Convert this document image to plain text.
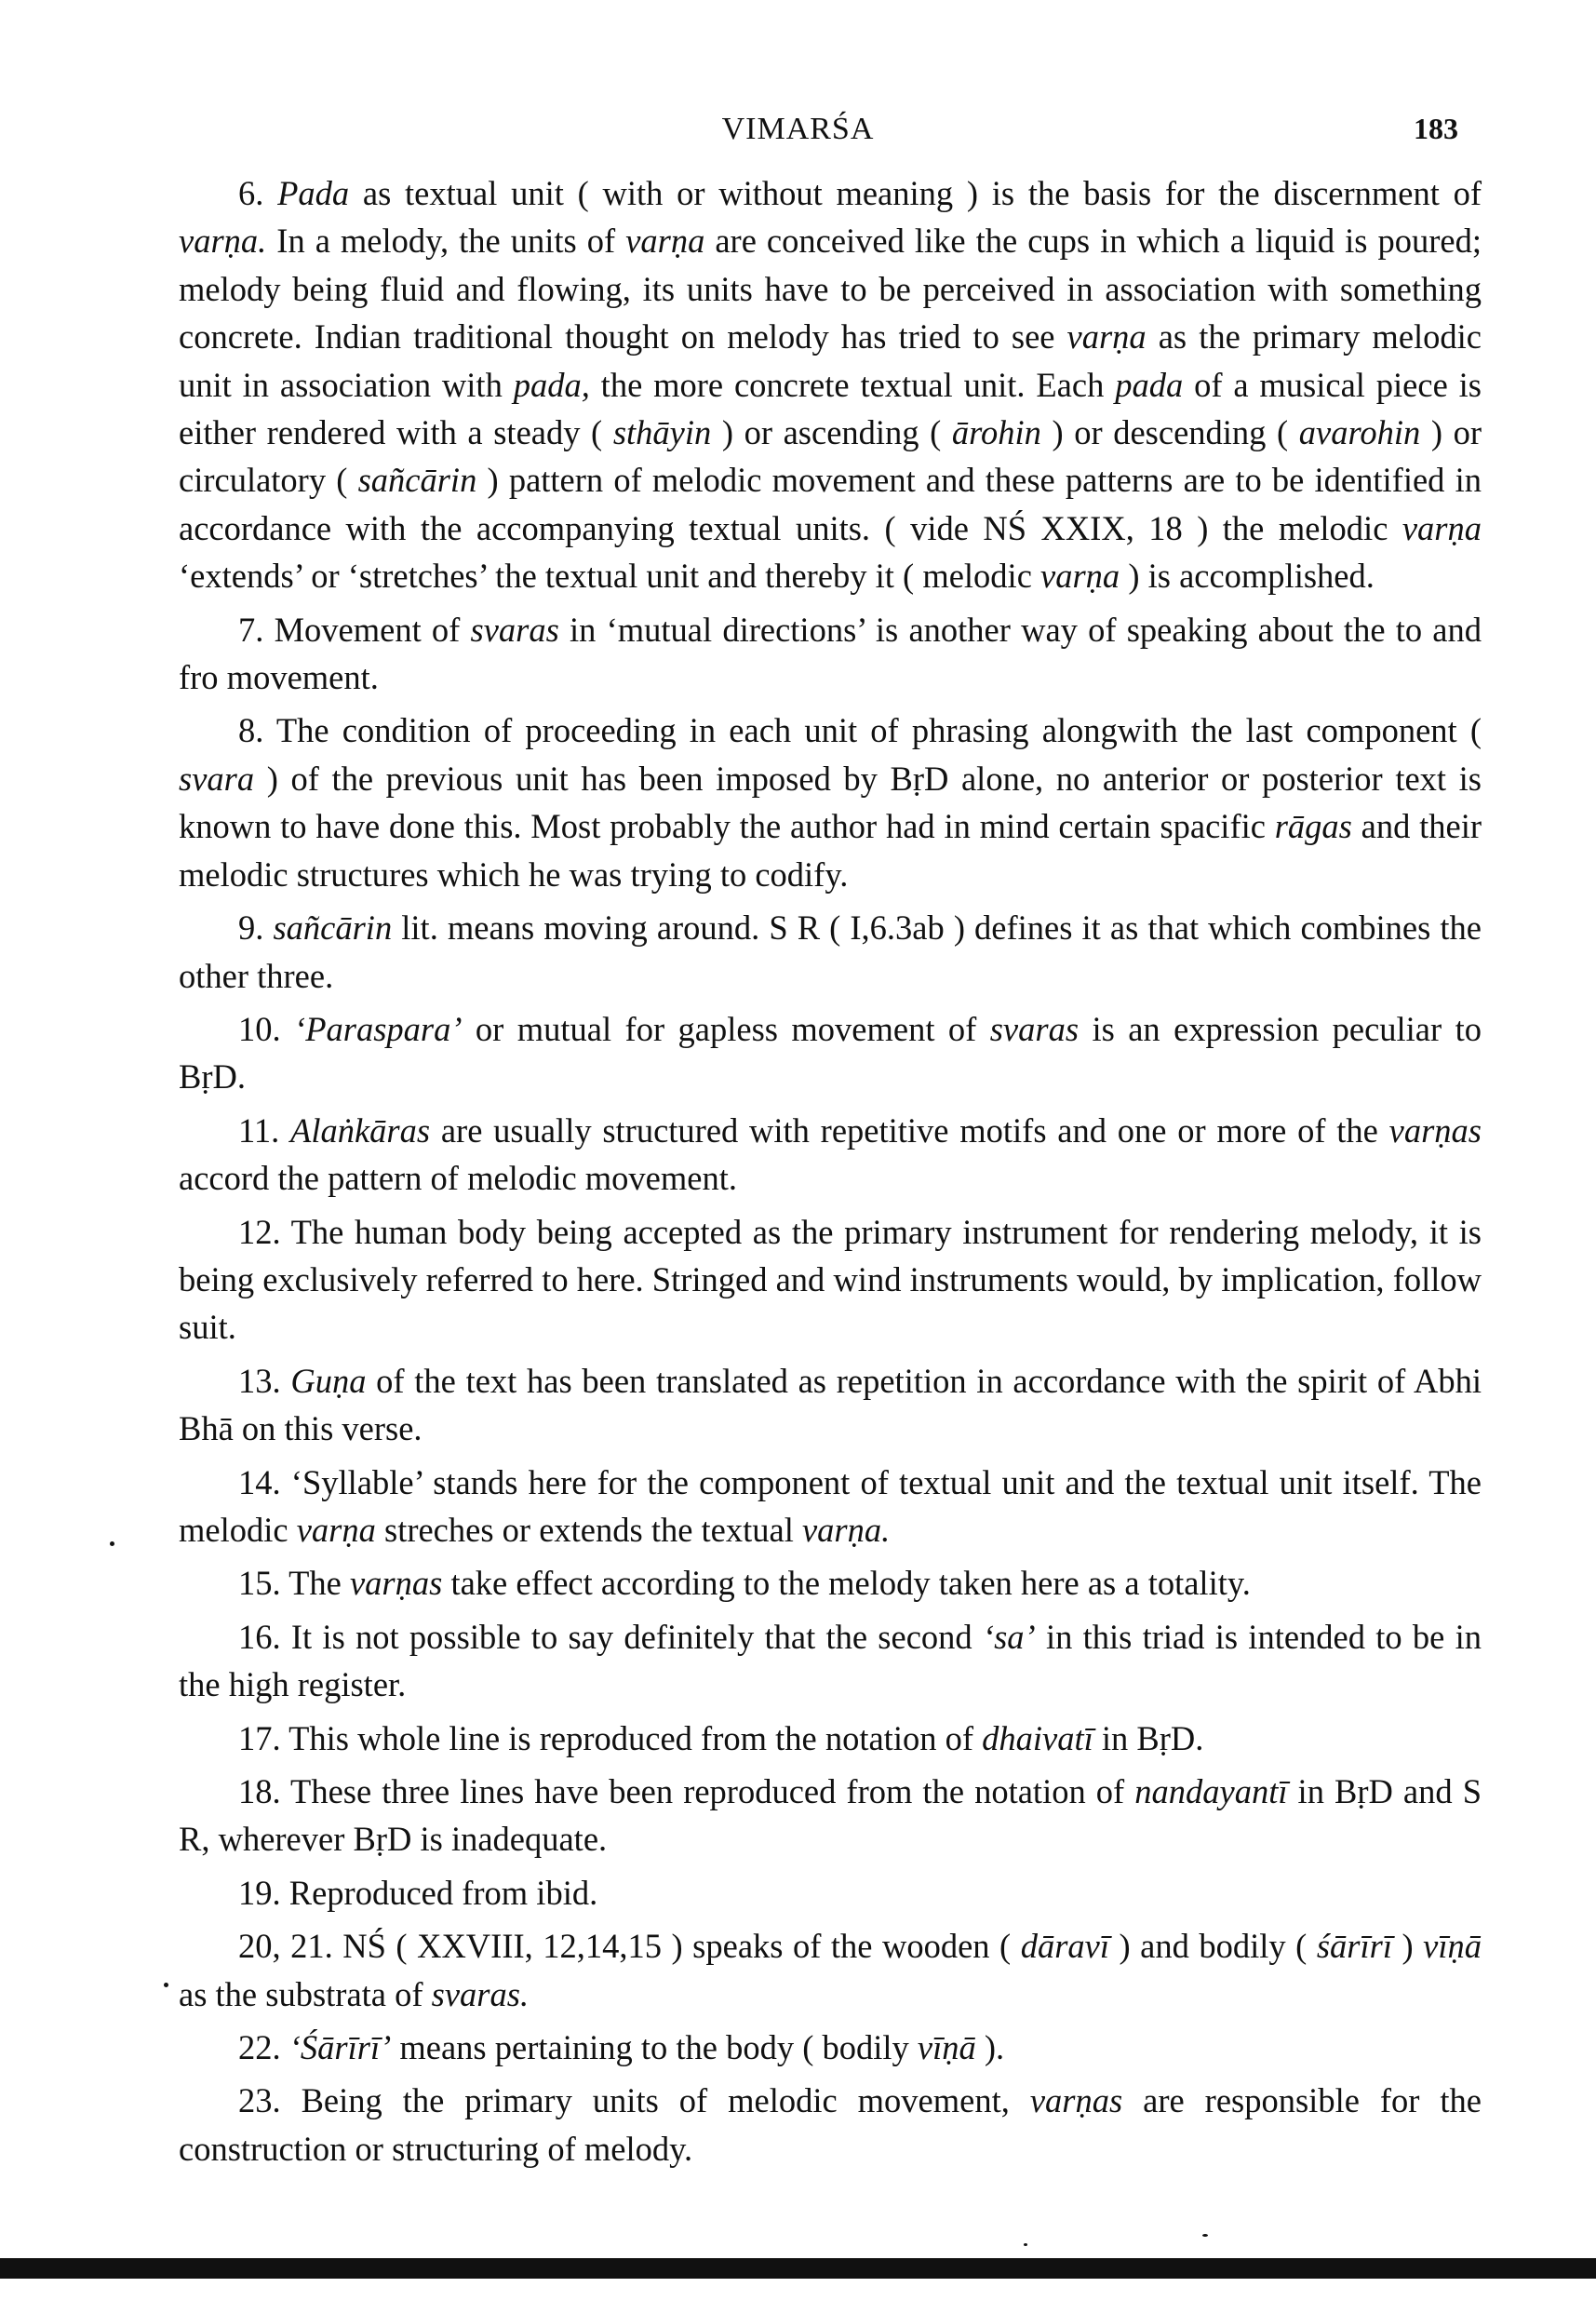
VIMARŚA	183

6. Pada as textual unit ( with or without meaning ) is the basis for the discernment of varṇa. In a melody, the units of varṇa are conceived like the cups in which a liquid is poured; melody being fluid and flowing, its units have to be perceived in association with something concrete. Indian traditional thought on melody has tried to see varṇa as the primary melodic unit in association with pada, the more concrete textual unit. Each pada of a musical piece is either rendered with a steady ( sthāyin ) or ascending ( ārohin ) or descending ( avarohin ) or circulatory ( sañcārin ) pattern of melodic movement and these patterns are to be identified in accordance with the accompanying textual units. ( vide NŚ XXIX, 18 ) the melodic varṇa ‘extends’ or ‘stretches’ the textual unit and thereby it ( melodic varṇa ) is accomplished.

7. Movement of svaras in ‘mutual directions’ is another way of speaking about the to and fro movement.

8. The condition of proceeding in each unit of phrasing alongwith the last component ( svara ) of the previous unit has been imposed by BṛD alone, no anterior or posterior text is known to have done this. Most probably the author had in mind certain spacific rāgas and their melodic structures which he was trying to codify.

9. sañcārin lit. means moving around. S R ( I,6.3ab ) defines it as that which combines the other three.

10. ‘Paraspara’ or mutual for gapless movement of svaras is an expression peculiar to BṛD.

11. Alaṅkāras are usually structured with repetitive motifs and one or more of the varṇas accord the pattern of melodic movement.

12. The human body being accepted as the primary instrument for rendering melody, it is being exclusively referred to here. Stringed and wind instruments would, by implication, follow suit.

13. Guṇa of the text has been translated as repetition in accordance with the spirit of Abhi Bhā on this verse.

14. ‘Syllable’ stands here for the component of textual unit and the textual unit itself. The melodic varṇa streches or extends the textual varṇa.

15. The varṇas take effect according to the melody taken here as a totality.

16. It is not possible to say definitely that the second ‘sa’ in this triad is intended to be in the high register.

17. This whole line is reproduced from the notation of dhaivatī in BṛD.

18. These three lines have been reproduced from the notation of nandayantī in BṛD and S R, wherever BṛD is inadequate.

19. Reproduced from ibid.

20, 21. NŚ ( XXVIII, 12,14,15 ) speaks of the wooden ( dāravī ) and bodily ( śārīrī ) vīṇā as the substrata of svaras.

22. ‘Śārīrī’ means pertaining to the body ( bodily vīṇā ).

23. Being the primary units of melodic movement, varṇas are responsible for the construction or structuring of melody.
